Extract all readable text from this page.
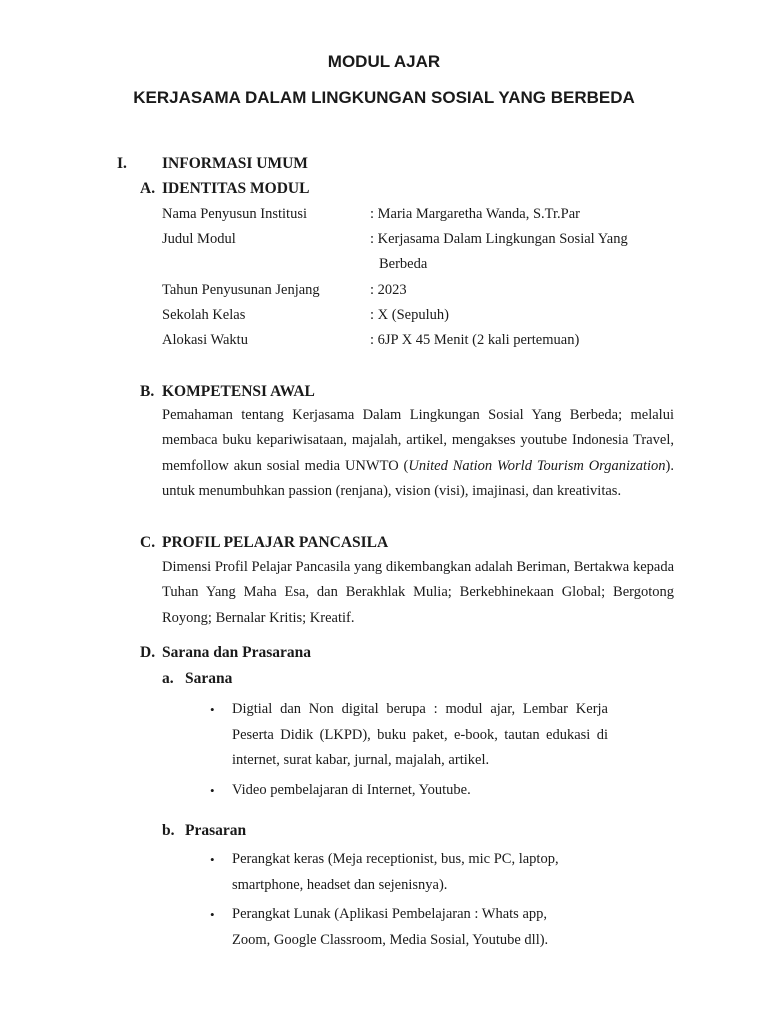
MODUL AJAR
KERJASAMA DALAM LINGKUNGAN SOSIAL YANG BERBEDA
I. INFORMASI UMUM
A. IDENTITAS MODUL
Nama Penyusun Institusi	: Maria Margaretha Wanda, S.Tr.Par
Judul Modul	: Kerjasama Dalam Lingkungan Sosial Yang
Berbeda
Tahun Penyusunan Jenjang	: 2023
Sekolah Kelas	: X (Sepuluh)
Alokasi Waktu	: 6JP X 45 Menit (2 kali pertemuan)
B. KOMPETENSI AWAL
Pemahaman tentang Kerjasama Dalam Lingkungan Sosial Yang Berbeda; melalui membaca buku kepariwisataan, majalah, artikel, mengakses youtube Indonesia Travel, memfollow akun sosial media UNWTO (United Nation World Tourism Organization). untuk menumbuhkan passion (renjana), vision (visi), imajinasi, dan kreativitas.
C. PROFIL PELAJAR PANCASILA
Dimensi Profil Pelajar Pancasila yang dikembangkan adalah Beriman, Bertakwa kepada Tuhan Yang Maha Esa, dan Berakhlak Mulia; Berkebhinekaan Global; Bergotong Royong; Bernalar Kritis; Kreatif.
D. Sarana dan Prasarana
a. Sarana
• Digtial dan Non digital berupa : modul ajar, Lembar Kerja Peserta Didik (LKPD), buku paket, e-book, tautan edukasi di internet, surat kabar, jurnal, majalah, artikel.
• Video pembelajaran di Internet, Youtube.
b. Prasaran
• Perangkat keras (Meja receptionist, bus, mic PC, laptop, smartphone, headset dan sejenisnya).
• Perangkat Lunak (Aplikasi Pembelajaran : Whats app, Zoom, Google Classroom, Media Sosial, Youtube dll).
